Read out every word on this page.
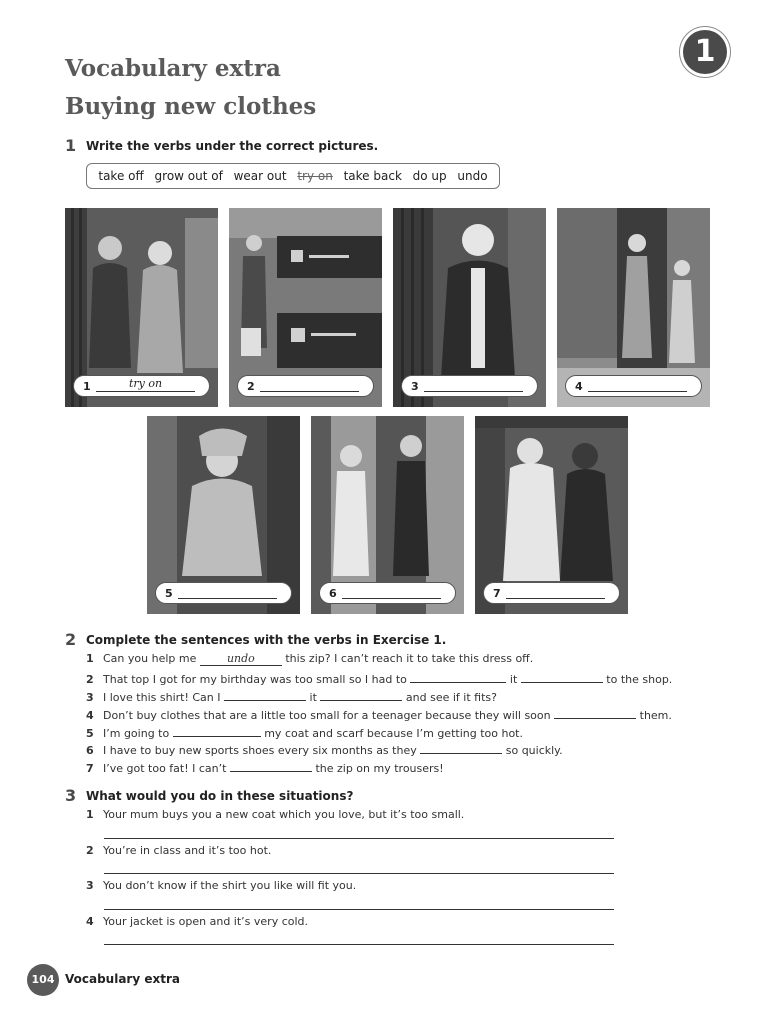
1
Vocabulary extra
Buying new clothes
1 Write the verbs under the correct pictures.
take off grow out of wear out try on take back do up undo
1	try on	2	3	4
5	6	7
2 Complete the sentences with the verbs in Exercise 1.
1 Can you help me	undo	this zip? I can’t reach it to take this dress off.
2 That top I got for my birthday was too small so I had to	it	to the shop.
3 I love this shirt! Can I	it	and see if it fits?
4 Don’t buy clothes that are a little too small for a teenager because they will soon	them.
5 I’m going to	my coat and scarf because I’m getting too hot.
6 I have to buy new sports shoes every six months as they	so quickly.
7 I’ve got too fat! I can’t	the zip on my trousers!
3 What would you do in these situations?
1 Your mum buys you a new coat which you love, but it’s too small.
2 You’re in class and it’s too hot.
3 You don’t know if the shirt you like will fit you.
4 Your jacket is open and it’s very cold.
104 Vocabulary extra
